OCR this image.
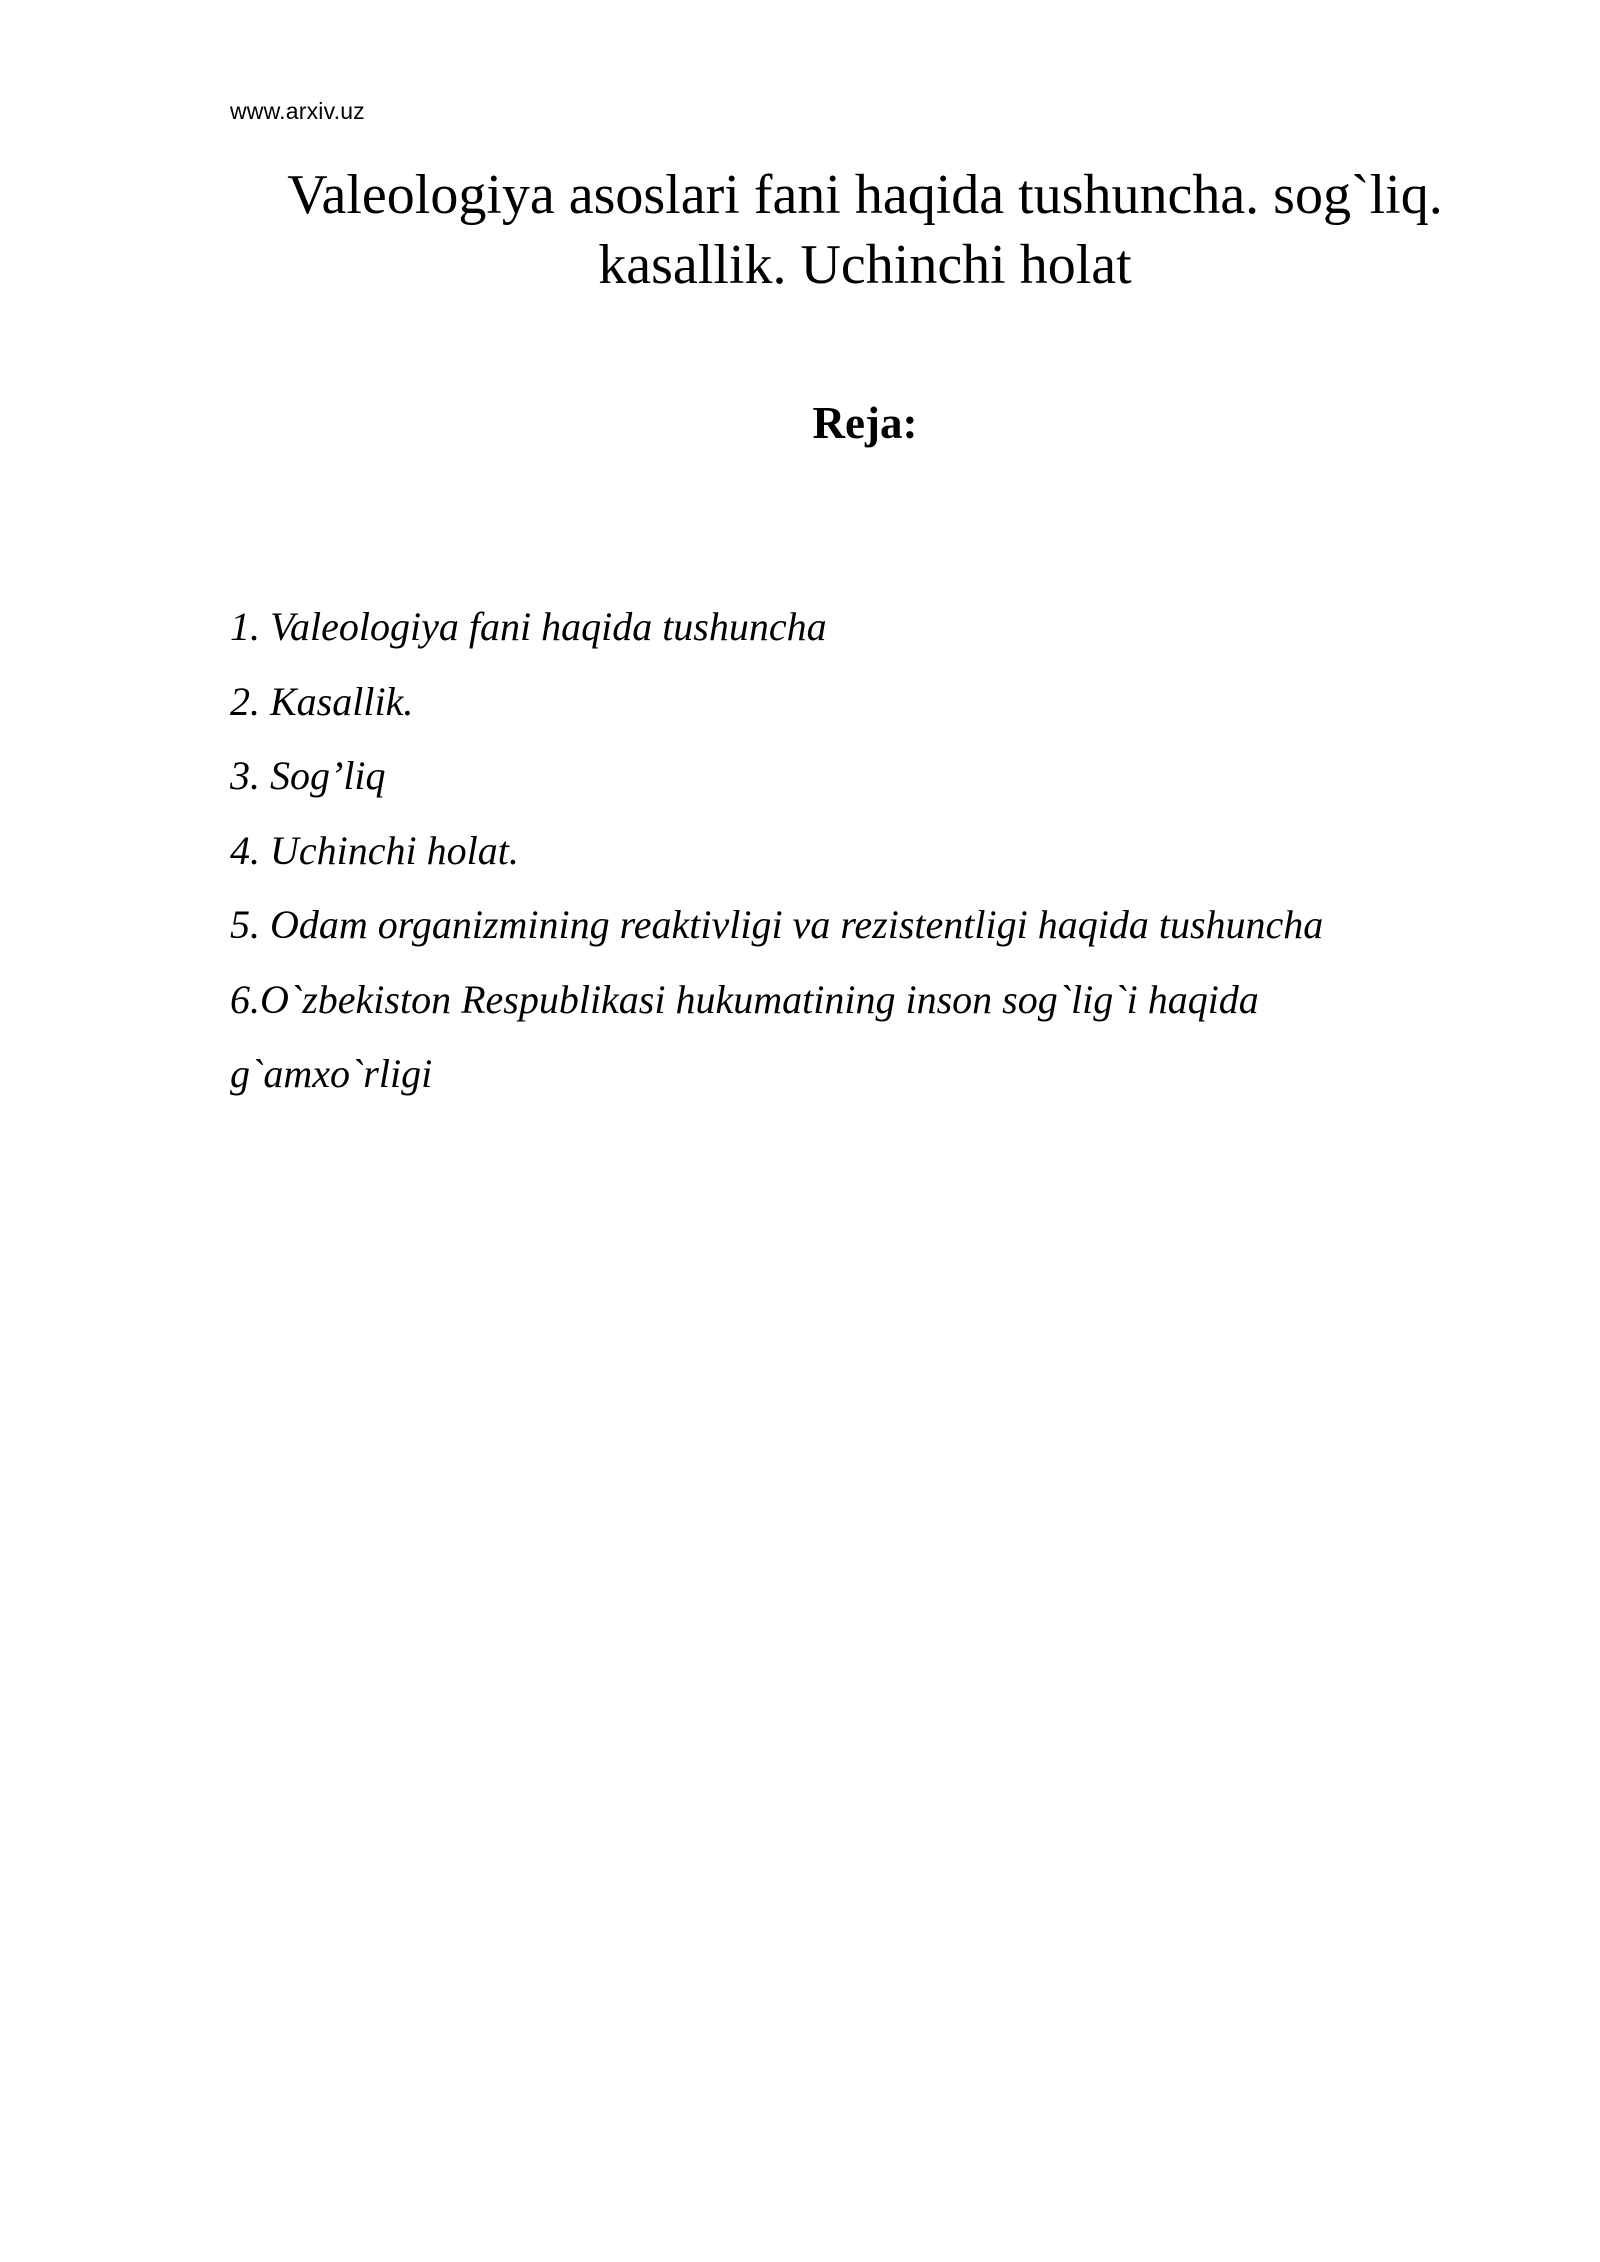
www.arxiv.uz
Valeologiya asoslari fani haqida tushuncha. sog`liq.
kasallik. Uchinchi holat
Reja:
1. Valeologiya fani haqida tushuncha
2. Kasallik.
3. Sog’liq
4. Uchinchi holat.
5. Odam organizmining reaktivligi va rezistentligi haqida tushuncha
6.O`zbekiston Respublikasi hukumatining inson sog`lig`i haqida
g`amxo`rligi
